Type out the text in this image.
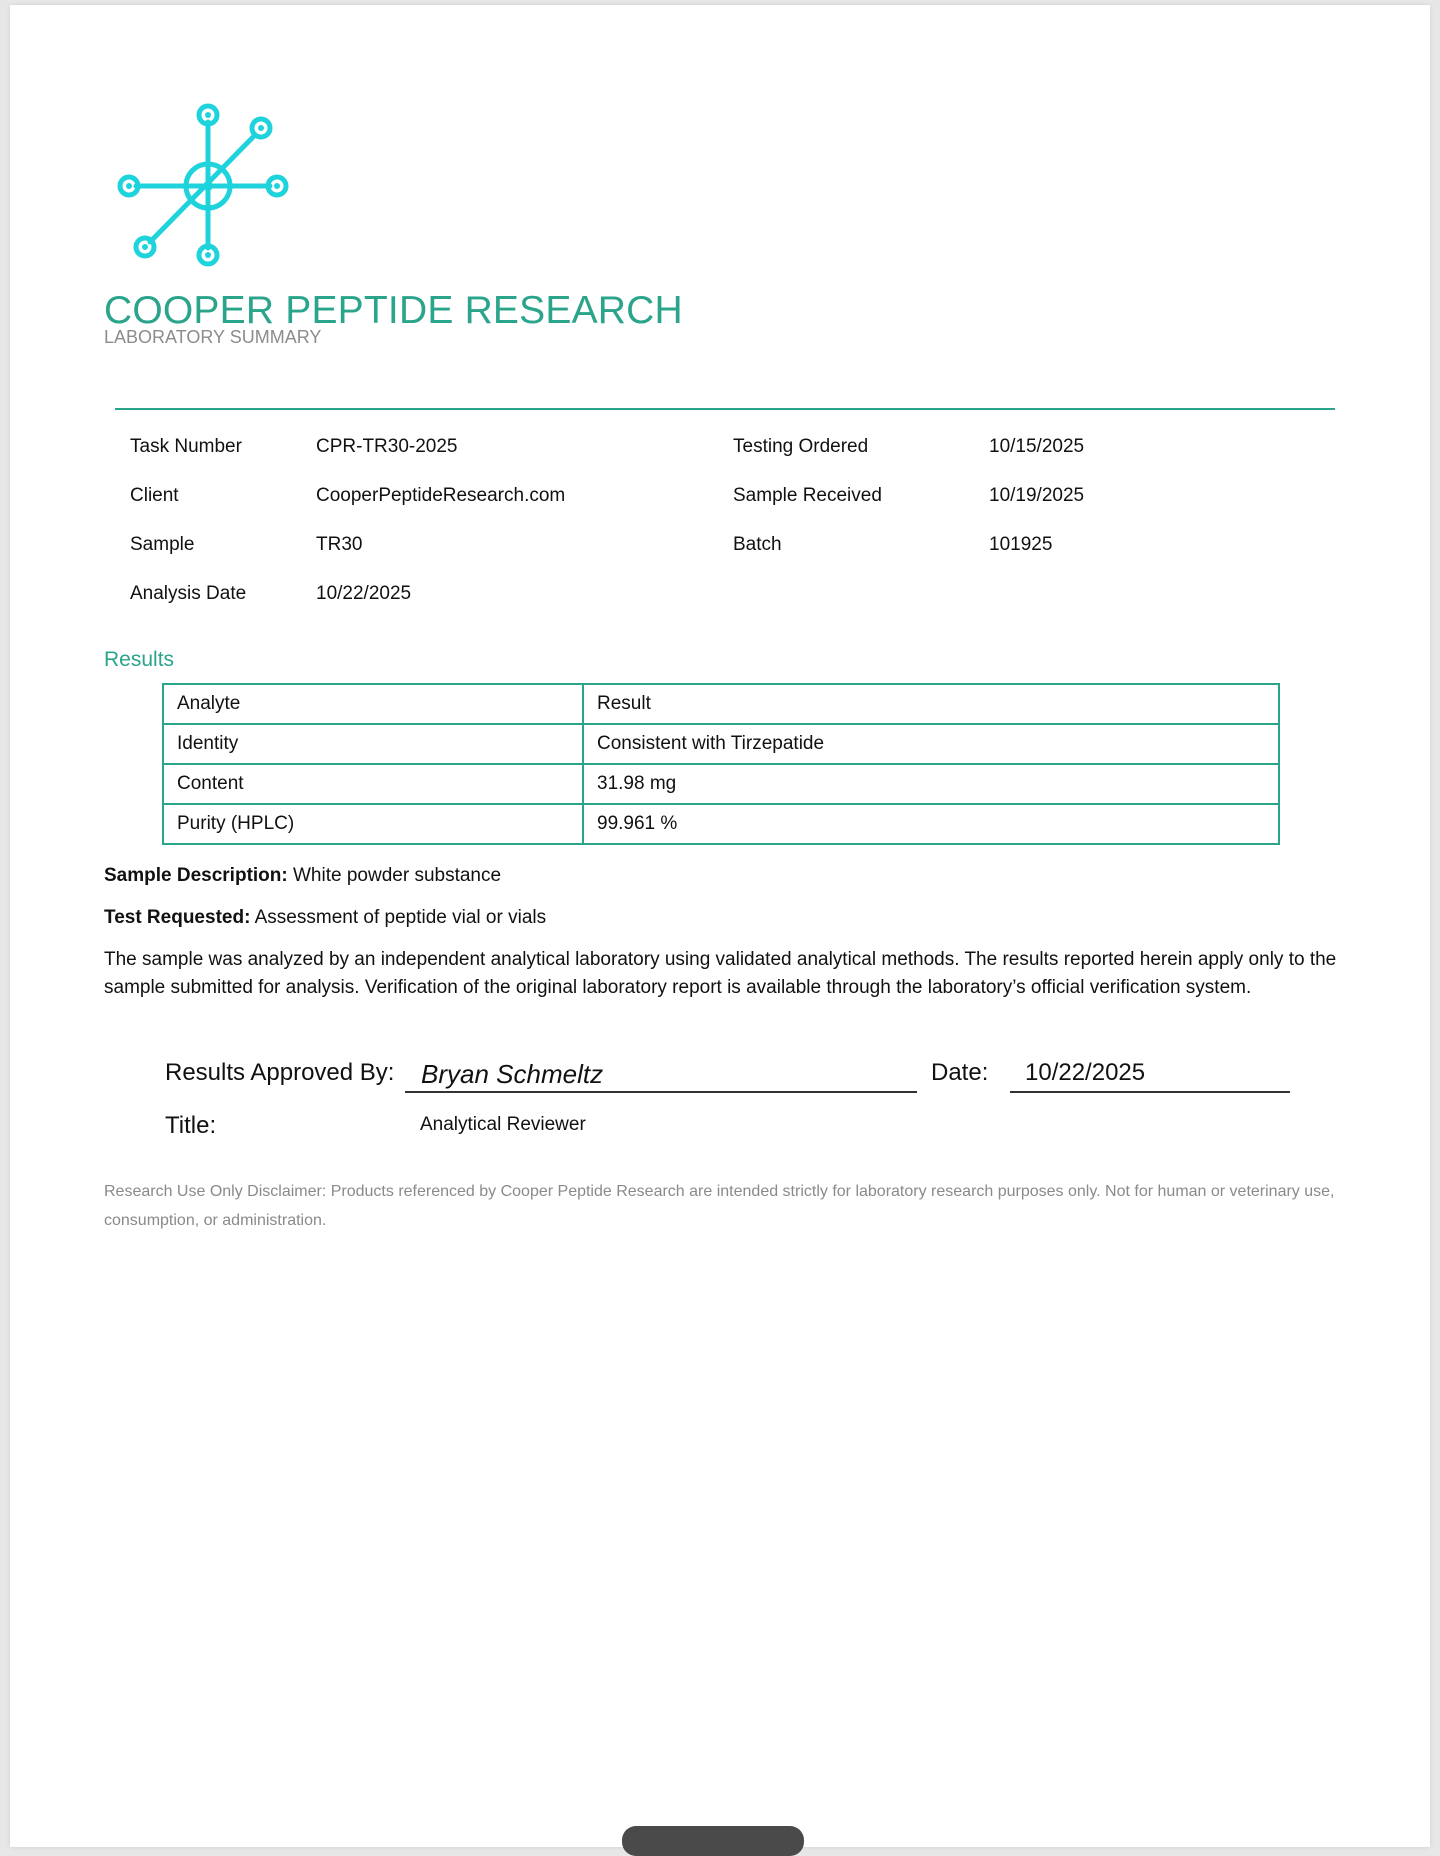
COOPER PEPTIDE RESEARCH
LABORATORY SUMMARY
Task Number	CPR-TR30-2025
Client	CooperPeptideResearch.com
Sample	TR30
Analysis Date	10/22/2025
Testing Ordered	10/15/2025
Sample Received	10/19/2025
Batch	101925
Results
Analyte	Result
Identity	Consistent with Tirzepatide
Content	31.98 mg
Purity (HPLC)	99.961 %
Sample Description: White powder substance
Test Requested: Assessment of peptide vial or vials
The sample was analyzed by an independent analytical laboratory using validated analytical methods. The results reported herein apply only to the sample submitted for analysis. Verification of the original laboratory report is available through the laboratory’s official verification system.
Results Approved By: Bryan Schmeltz	Date: 10/22/2025
Title:	Analytical Reviewer
Research Use Only Disclaimer: Products referenced by Cooper Peptide Research are intended strictly for laboratory research purposes only. Not for human or veterinary use, consumption, or administration.
